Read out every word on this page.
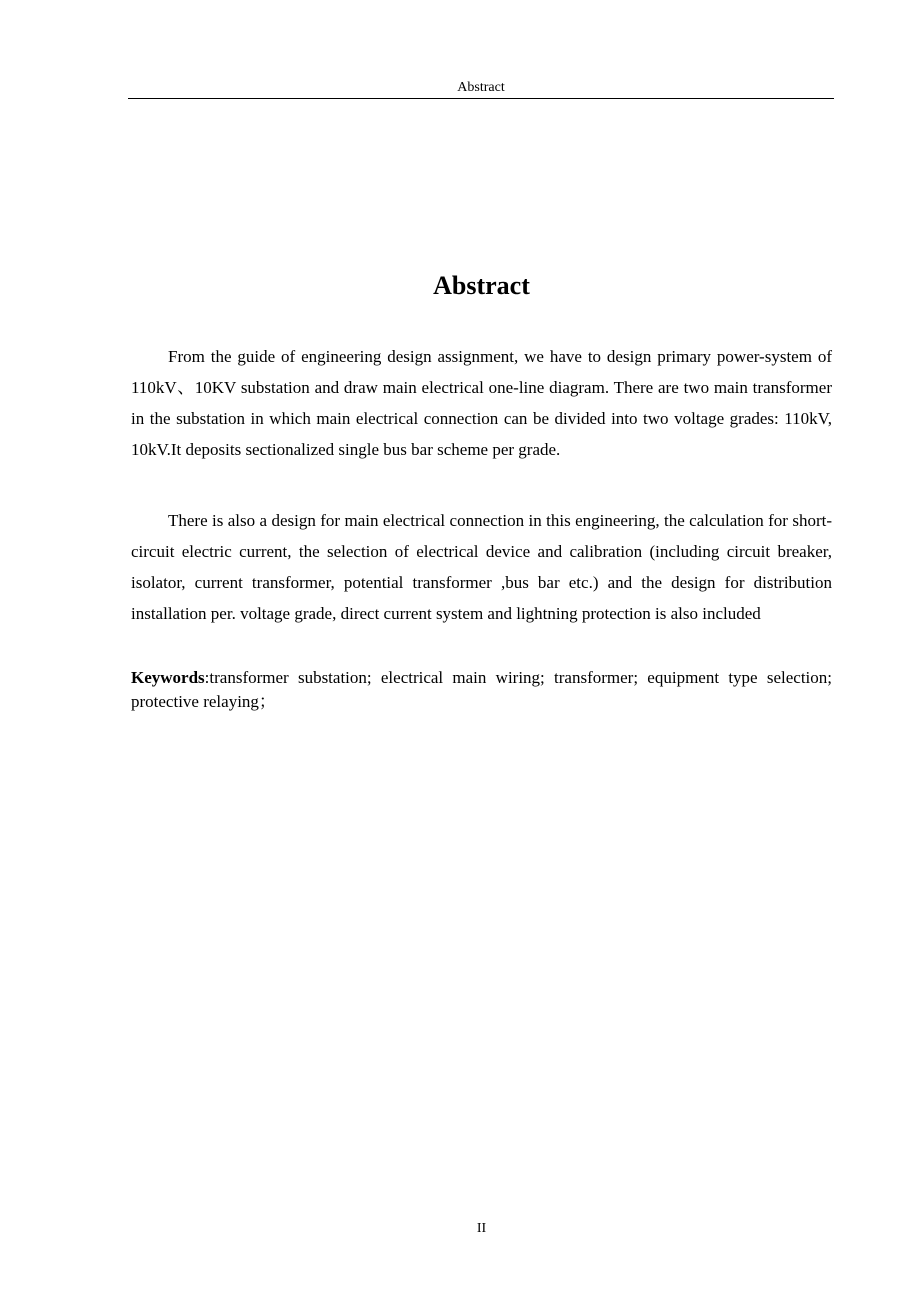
Abstract
Abstract

From the guide of engineering design assignment, we have to design primary power-system of 110kV、10KV substation and draw main electrical one-line diagram. There are two main transformer in the substation in which main electrical connection can be divided into two voltage grades: 110kV, 10kV.It deposits sectionalized single bus bar scheme per grade.

There is also a design for main electrical connection in this engineering, the calculation for short-circuit electric current, the selection of electrical device and calibration (including circuit breaker, isolator, current transformer, potential transformer ,bus bar etc.) and the design for distribution installation per. voltage grade, direct current system and lightning protection is also included

Keywords:transformer substation; electrical main wiring; transformer; equipment type selection; protective relaying；

II
